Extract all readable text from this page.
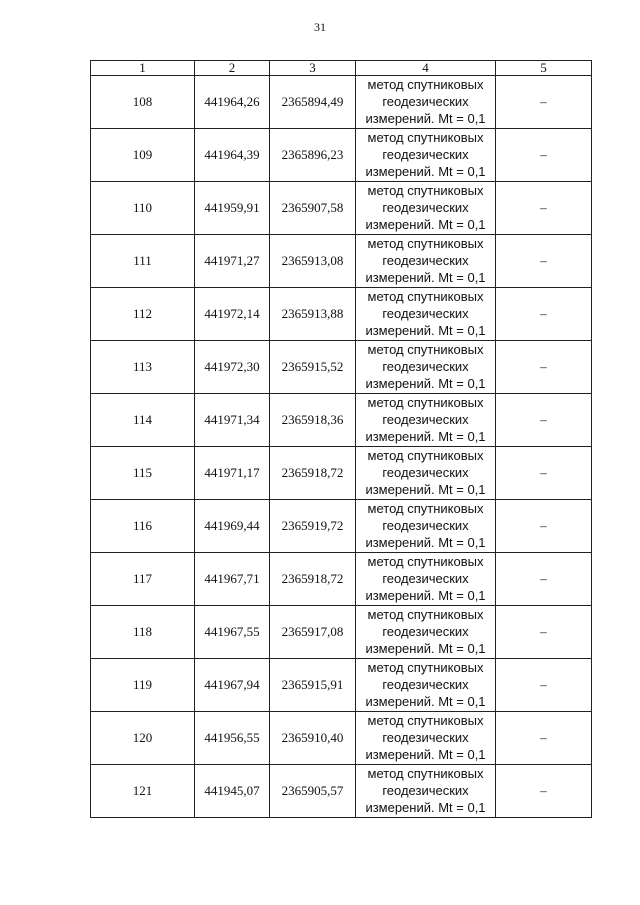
31
1	2	3	4	5
108	441964,26	2365894,49	метод спутниковых
геодезических
измерений. Mt = 0,1	–
109	441964,39	2365896,23	метод спутниковых
геодезических
измерений. Mt = 0,1	–
110	441959,91	2365907,58	метод спутниковых
геодезических
измерений. Mt = 0,1	–
111	441971,27	2365913,08	метод спутниковых
геодезических
измерений. Mt = 0,1	–
112	441972,14	2365913,88	метод спутниковых
геодезических
измерений. Mt = 0,1	–
113	441972,30	2365915,52	метод спутниковых
геодезических
измерений. Mt = 0,1	–
114	441971,34	2365918,36	метод спутниковых
геодезических
измерений. Mt = 0,1	–
115	441971,17	2365918,72	метод спутниковых
геодезических
измерений. Mt = 0,1	–
116	441969,44	2365919,72	метод спутниковых
геодезических
измерений. Mt = 0,1	–
117	441967,71	2365918,72	метод спутниковых
геодезических
измерений. Mt = 0,1	–
118	441967,55	2365917,08	метод спутниковых
геодезических
измерений. Mt = 0,1	–
119	441967,94	2365915,91	метод спутниковых
геодезических
измерений. Mt = 0,1	–
120	441956,55	2365910,40	метод спутниковых
геодезических
измерений. Mt = 0,1	–
121	441945,07	2365905,57	метод спутниковых
геодезических
измерений. Mt = 0,1	–
